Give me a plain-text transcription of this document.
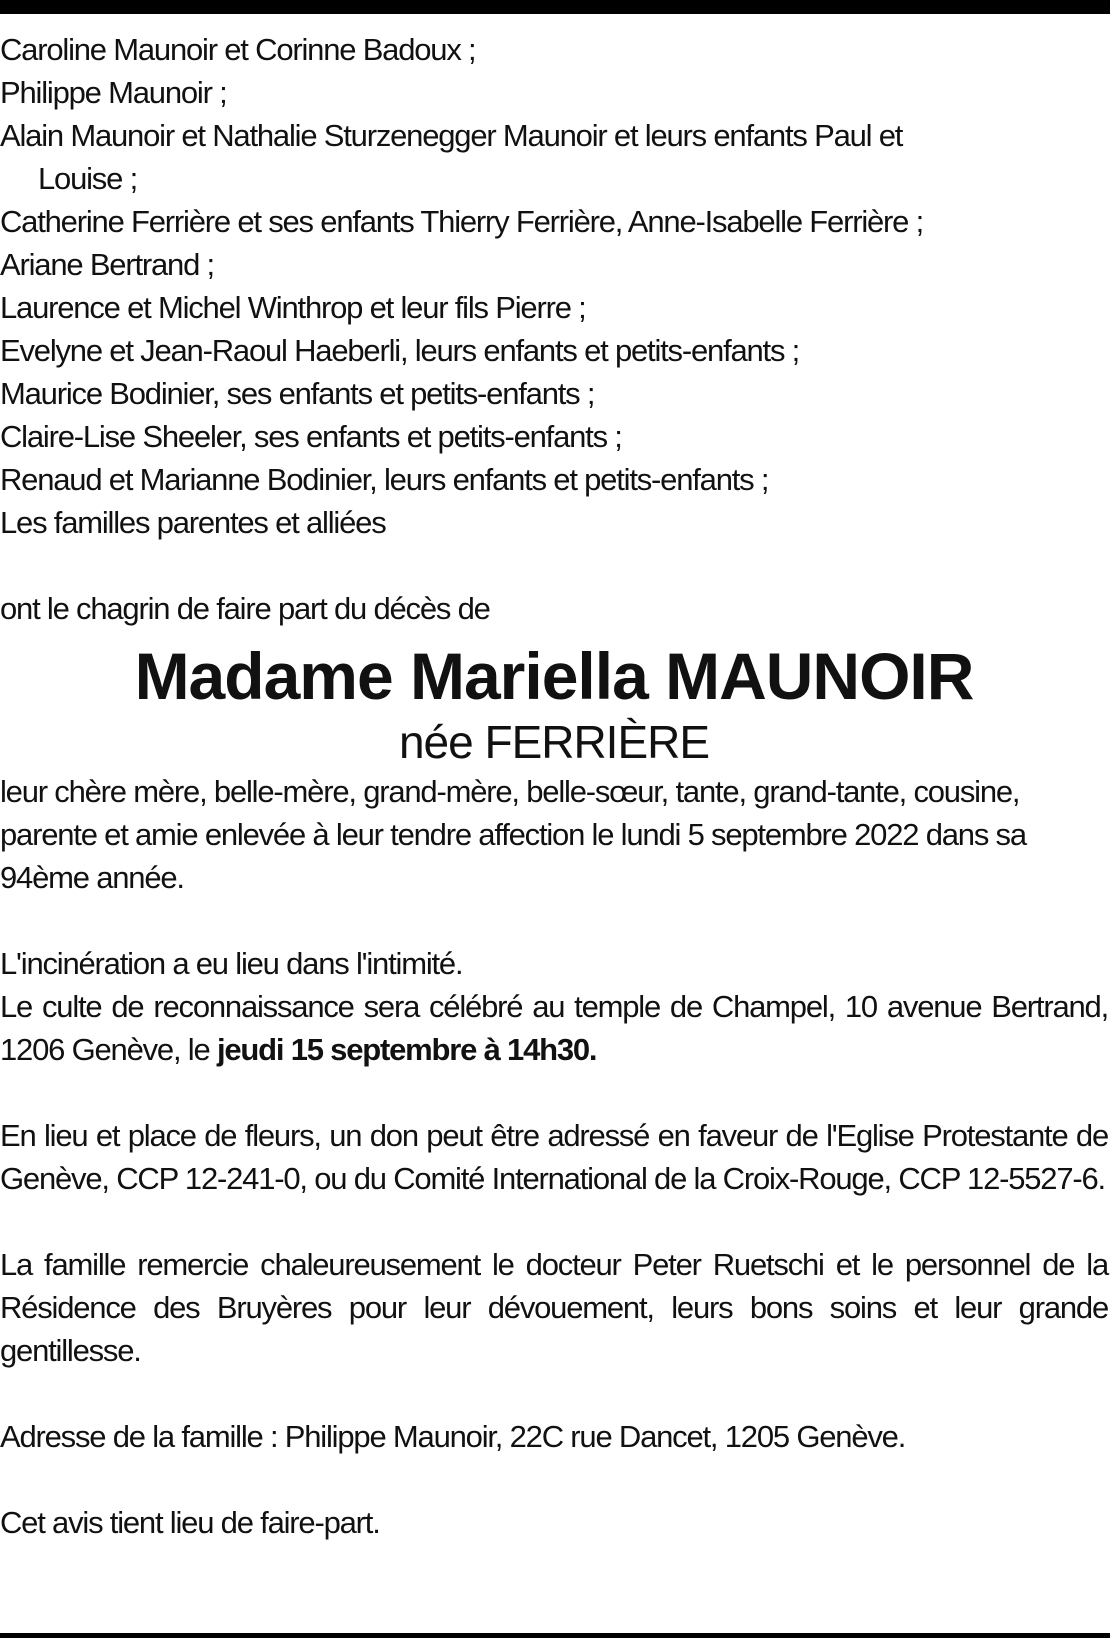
Caroline Maunoir et Corinne Badoux ;
Philippe Maunoir ;
Alain Maunoir et Nathalie Sturzenegger Maunoir et leurs enfants Paul et
Louise ;
Catherine Ferrière et ses enfants Thierry Ferrière, Anne-Isabelle Ferrière ;
Ariane Bertrand ;
Laurence et Michel Winthrop et leur fils Pierre ;
Evelyne et Jean-Raoul Haeberli, leurs enfants et petits-enfants ;
Maurice Bodinier, ses enfants et petits-enfants ;
Claire-Lise Sheeler, ses enfants et petits-enfants ;
Renaud et Marianne Bodinier, leurs enfants et petits-enfants ;
Les familles parentes et alliées

ont le chagrin de faire part du décès de

Madame Mariella MAUNOIR

née FERRIÈRE

leur chère mère, belle-mère, grand-mère, belle-sœur, tante, grand-tante, cousine, parente et amie enlevée à leur tendre affection le lundi 5 septembre 2022 dans sa 94ème année.

L'incinération a eu lieu dans l'intimité.

Le culte de reconnaissance sera célébré au temple de Champel, 10 avenue Bertrand, 1206 Genève, le jeudi 15 septembre à 14h30.

En lieu et place de fleurs, un don peut être adressé en faveur de l'Eglise Protestante de Genève, CCP 12-241-0, ou du Comité International de la Croix-Rouge, CCP 12-5527-6.

La famille remercie chaleureusement le docteur Peter Ruetschi et le personnel de la Résidence des Bruyères pour leur dévouement, leurs bons soins et leur grande gentillesse.

Adresse de la famille : Philippe Maunoir, 22C rue Dancet, 1205 Genève.

Cet avis tient lieu de faire-part.
